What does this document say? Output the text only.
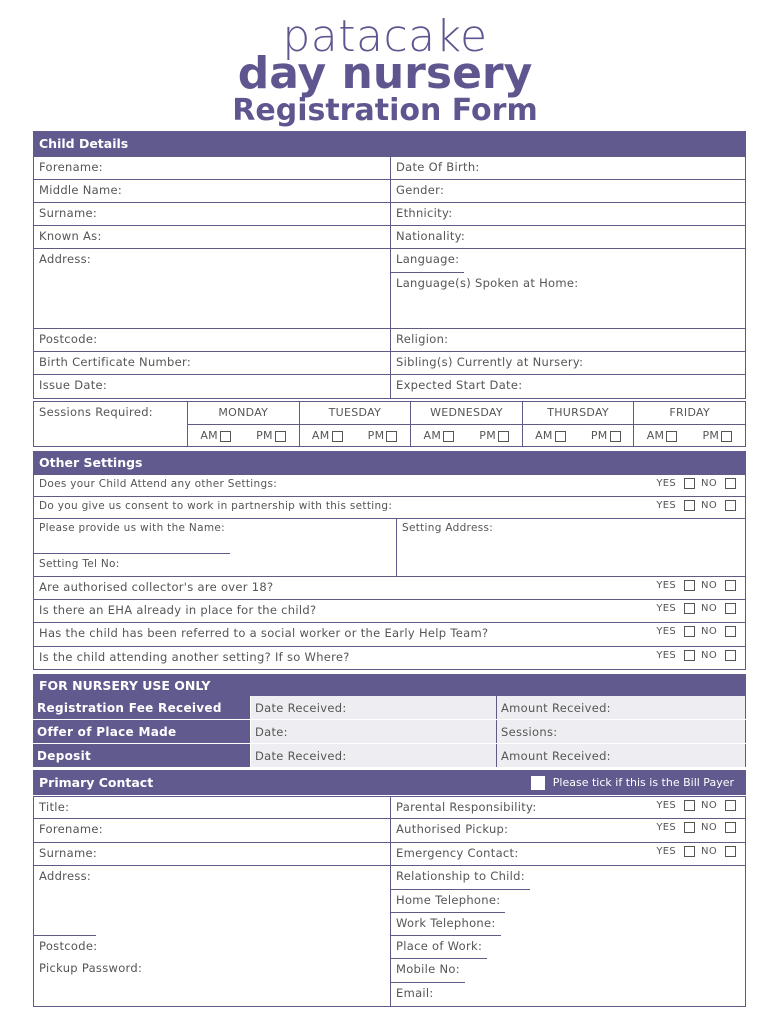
patacake
day nursery
Registration Form
Child Details
Forename:	Date Of Birth:
Middle Name:	Gender:
Surname:	Ethnicity:
Known As:	Nationality:
Address:	Language:
Language(s) Spoken at Home:
Postcode:	Religion:
Birth Certificate Number:	Sibling(s) Currently at Nursery:
Issue Date:	Expected Start Date:
Sessions Required:	MONDAY	TUESDAY	WEDNESDAY	THURSDAY	FRIDAY
AM	PM	AM	PM	AM	PM	AM	PM	AM	PM
Other Settings
Does your Child Attend any other Settings:	YES	NO
Do you give us consent to work in partnership with this setting:	YES	NO
Please provide us with the Name:
Setting Tel No:
Setting Address:
Are authorised collector's are over 18?	YES	NO
Is there an EHA already in place for the child?	YES	NO
Has the child has been referred to a social worker or the Early Help Team?	YES	NO
Is the child attending another setting? If so Where?	YES	NO
FOR NURSERY USE ONLY
Registration Fee Received	Date Received:	Amount Received:
Offer of Place Made	Date:	Sessions:
Deposit	Date Received:	Amount Received:
Primary Contact	Please tick if this is the Bill Payer
Title:	Parental Responsibility:	YES	NO
Forename:	Authorised Pickup:	YES	NO
Surname:	Emergency Contact:	YES	NO
Address:
Postcode:
Pickup Password:
Relationship to Child:
Home Telephone:
Work Telephone:
Place of Work:
Mobile No:
Email:
